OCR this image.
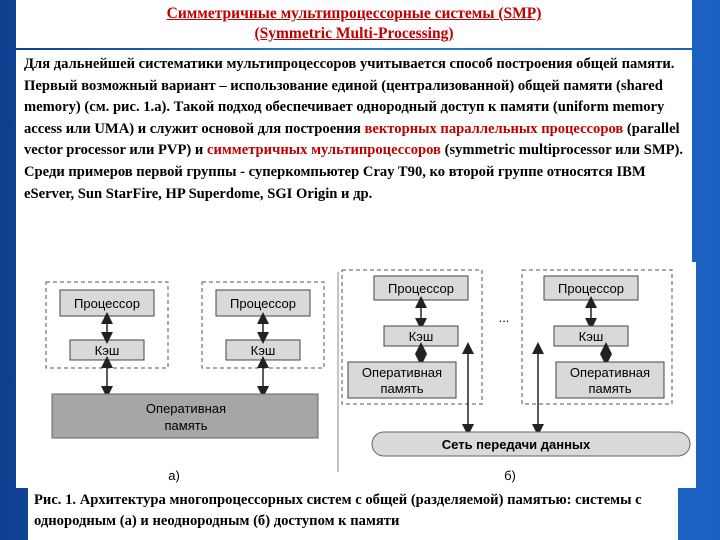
Симметричные мультипроцессорные системы (SMP)
(Symmetric Multi-Processing)
Для дальнейшей систематики мультипроцессоров учитывается способ построения общей памяти. Первый возможный вариант – использование единой (централизованной) общей памяти (shared memory) (см. рис. 1.а). Такой подход обеспечивает однородный доступ к памяти (uniform memory access или UMA) и служит основой для построения векторных параллельных процессоров (parallel vector processor или PVP) и симметричных мультипроцессоров (symmetric multiprocessor или SMP). Среди примеров первой группы - суперкомпьютер Cray T90, ко второй группе относятся IBM eServer, Sun StarFire, HP Superdome, SGI Origin и др.
Процессор
Кэш
Процессор
Кэш
Оперативная
память
а)
Процессор
Кэш
Оперативная
память
...
Процессор
Кэш
Оперативная
память
Сеть передачи данных
б)
Рис. 1. Архитектура многопроцессорных систем с общей (разделяемой) памятью: системы с однородным (а) и неоднородным (б) доступом к памяти
